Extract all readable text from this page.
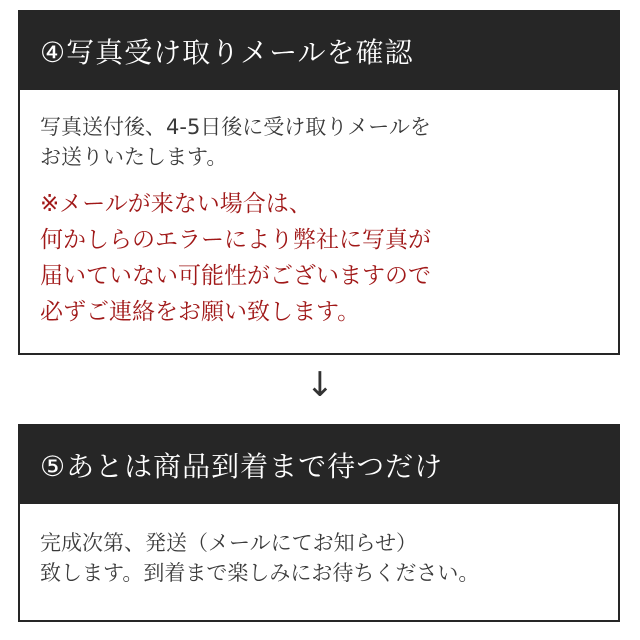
④写真受け取りメールを確認

写真送付後、4-5日後に受け取りメールを

お送りいたします。

※メールが来ない場合は、
何かしらのエラーにより弊社に写真が
届いていない可能性がございますので
必ずご連絡をお願い致します。
↓
⑤あとは商品到着まで待つだけ

完成次第、発送（メールにてお知らせ）

致します。到着まで楽しみにお待ちください。
